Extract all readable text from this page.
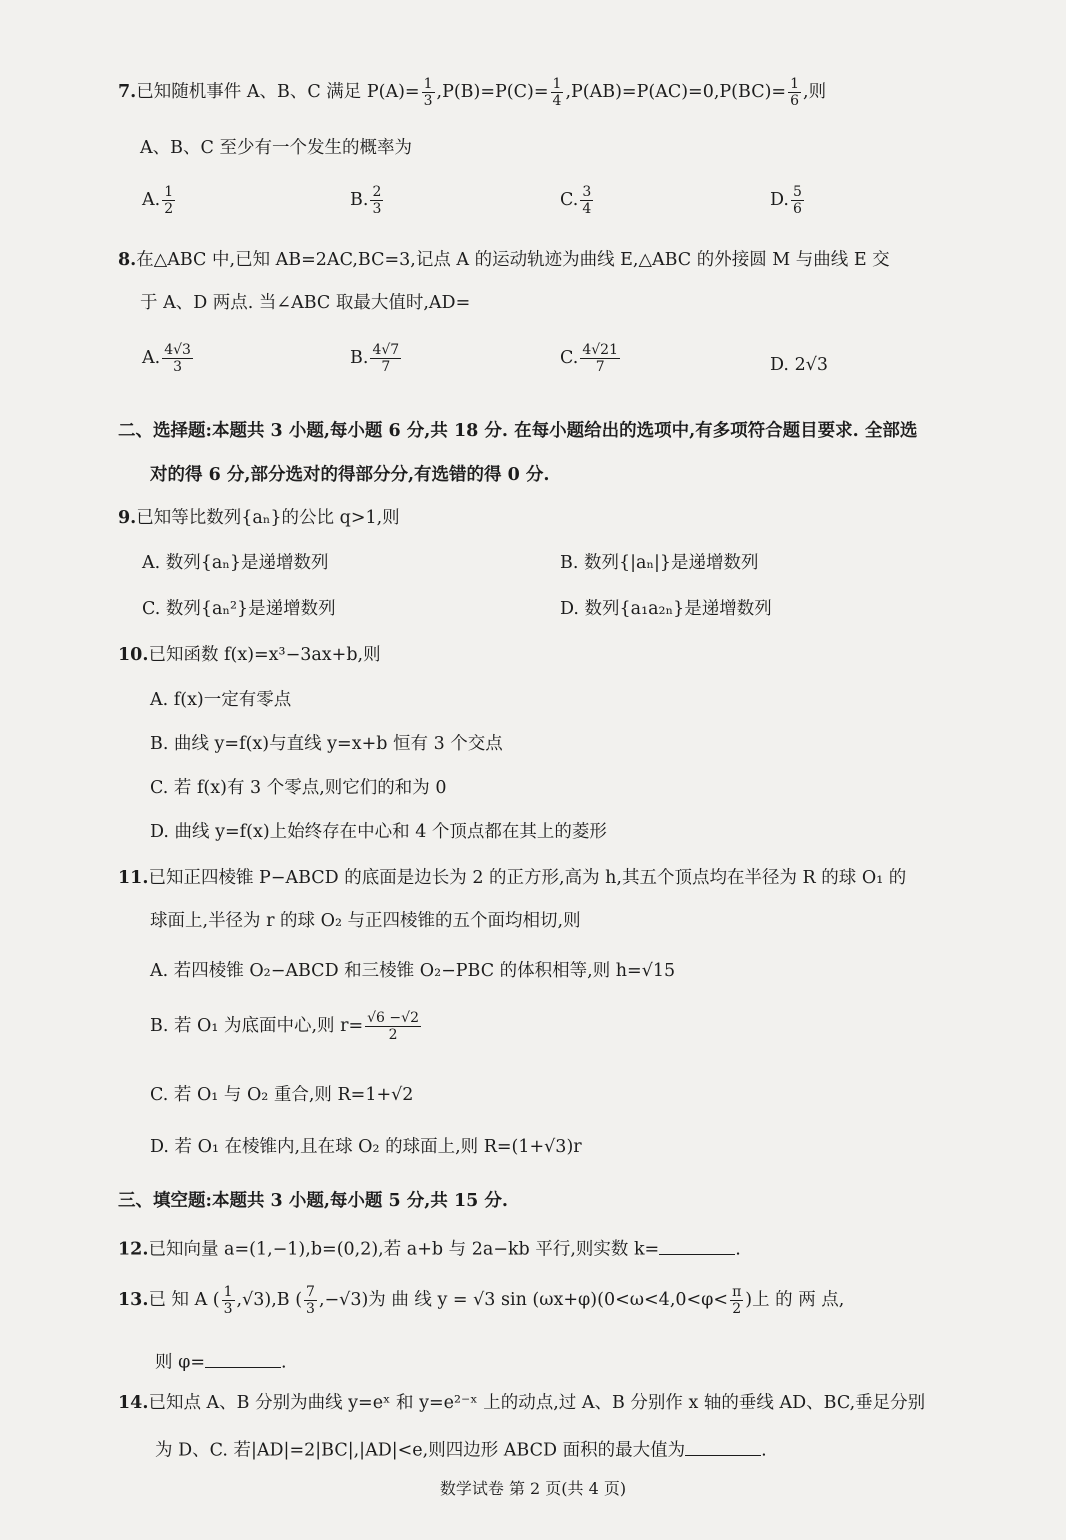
7.已知随机事件 A、B、C 满足 $P(A)= \frac{1}{3} ,P(B)=P(C)= \frac{1}{4} ,P(AB)=P(AC)=0,P(BC)= \frac{1}{6}$ ,则
A、B、C 至少有一个发生的概率为
A. $\frac{1}{2}$	B. $\frac{2}{3}$	C. $\frac{3}{4}$	D. $\frac{5}{6}$
8.在△ABC 中,已知 AB=2AC,BC=3,记点 A 的运动轨迹为曲线 E,△ABC 的外接圆 M 与曲线 E 交
于 A、D 两点. 当∠ABC 取最大值时,AD=
A. $\frac{4√3}{3}$	B. $\frac{4√7}{7}$	C. $\frac{4√21}{7}$	D. 2√3
二、选择题:本题共 3 小题,每小题 6 分,共 18 分. 在每小题给出的选项中,有多项符合题目要求. 全部选
对的得 6 分,部分选对的得部分分,有选错的得 0 分.
9.已知等比数列{aₙ}的公比 q>1,则
A. 数列{aₙ}是递增数列	B. 数列{|aₙ|}是递增数列
C. 数列{aₙ²}是递增数列	D. 数列{a₁a₂ₙ}是递增数列
10.已知函数 f(x)=x³−3ax+b,则
A. f(x)一定有零点
B. 曲线 y=f(x)与直线 y=x+b 恒有 3 个交点
C. 若 f(x)有 3 个零点,则它们的和为 0
D. 曲线 y=f(x)上始终存在中心和 4 个顶点都在其上的菱形
11.已知正四棱锥 P−ABCD 的底面是边长为 2 的正方形,高为 h,其五个顶点均在半径为 R 的球 O₁ 的
球面上,半径为 r 的球 O₂ 与正四棱锥的五个面均相切,则
A. 若四棱锥 O₂−ABCD 和三棱锥 O₂−PBC 的体积相等,则 h=√15
B. 若 O₁ 为底面中心,则 $r= \frac{√6 -√2}{2}$
C. 若 O₁ 与 O₂ 重合,则 R=1+√2
D. 若 O₁ 在棱锥内,且在球 O₂ 的球面上,则 R=(1+√3)r
三、填空题:本题共 3 小题,每小题 5 分,共 15 分.
12.已知向量 a=(1,−1),b=(0,2),若 a+b 与 2a−kb 平行,则实数 k=	.
13.已 知 A ( $\frac{1}{3} ,√3),B$ ( $\frac{7}{3} ,-√3$)为 曲 线 y = √3 $\sin (\omega x+\varphi)(0<\omega<4,0<\varphi< \frac{\pi}{2}$ )上 的 两 点,
则 φ=	.
14.已知点 A、B 分别为曲线 y=eˣ 和 y=e²⁻ˣ 上的动点,过 A、B 分别作 x 轴的垂线 AD、BC,垂足分别
为 D、C. 若|AD|=2|BC|,|AD|<e,则四边形 ABCD 面积的最大值为	.
数学试卷 第 2 页(共 4 页)
